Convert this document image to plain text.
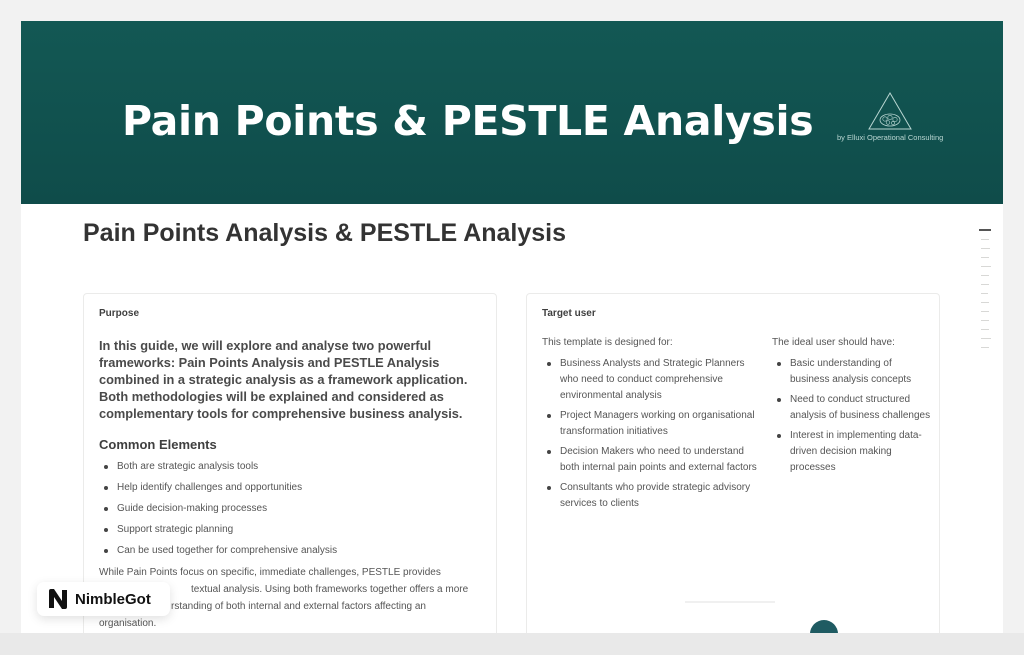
Pain Points & PESTLE Analysis	by Elluxi Operational Consulting
Pain Points Analysis & PESTLE Analysis
Purpose

In this guide, we will explore and analyse two powerful frameworks: Pain Points Analysis and PESTLE Analysis combined in a strategic analysis as a framework application. Both methodologies will be explained and considered as complementary tools for comprehensive business analysis.

Common Elements
Both are strategic analysis tools
Help identify challenges and opportunities
Guide decision-making processes
Support strategic planning
Can be used together for comprehensive analysis
While Pain Points focus on specific, immediate challenges, PESTLE provides
textual analysis. Using both frameworks together offers a more
rstanding of both internal and external factors affecting an
organisation.
Target user
This template is designed for:
Business Analysts and Strategic Planners who need to conduct comprehensive environmental analysis
Project Managers working on organisational transformation initiatives
Decision Makers who need to understand both internal pain points and external factors
Consultants who provide strategic advisory services to clients
The ideal user should have:
Basic understanding of business analysis concepts
Need to conduct structured analysis of business challenges
Interest in implementing data-driven decision making processes
NimbleGot
